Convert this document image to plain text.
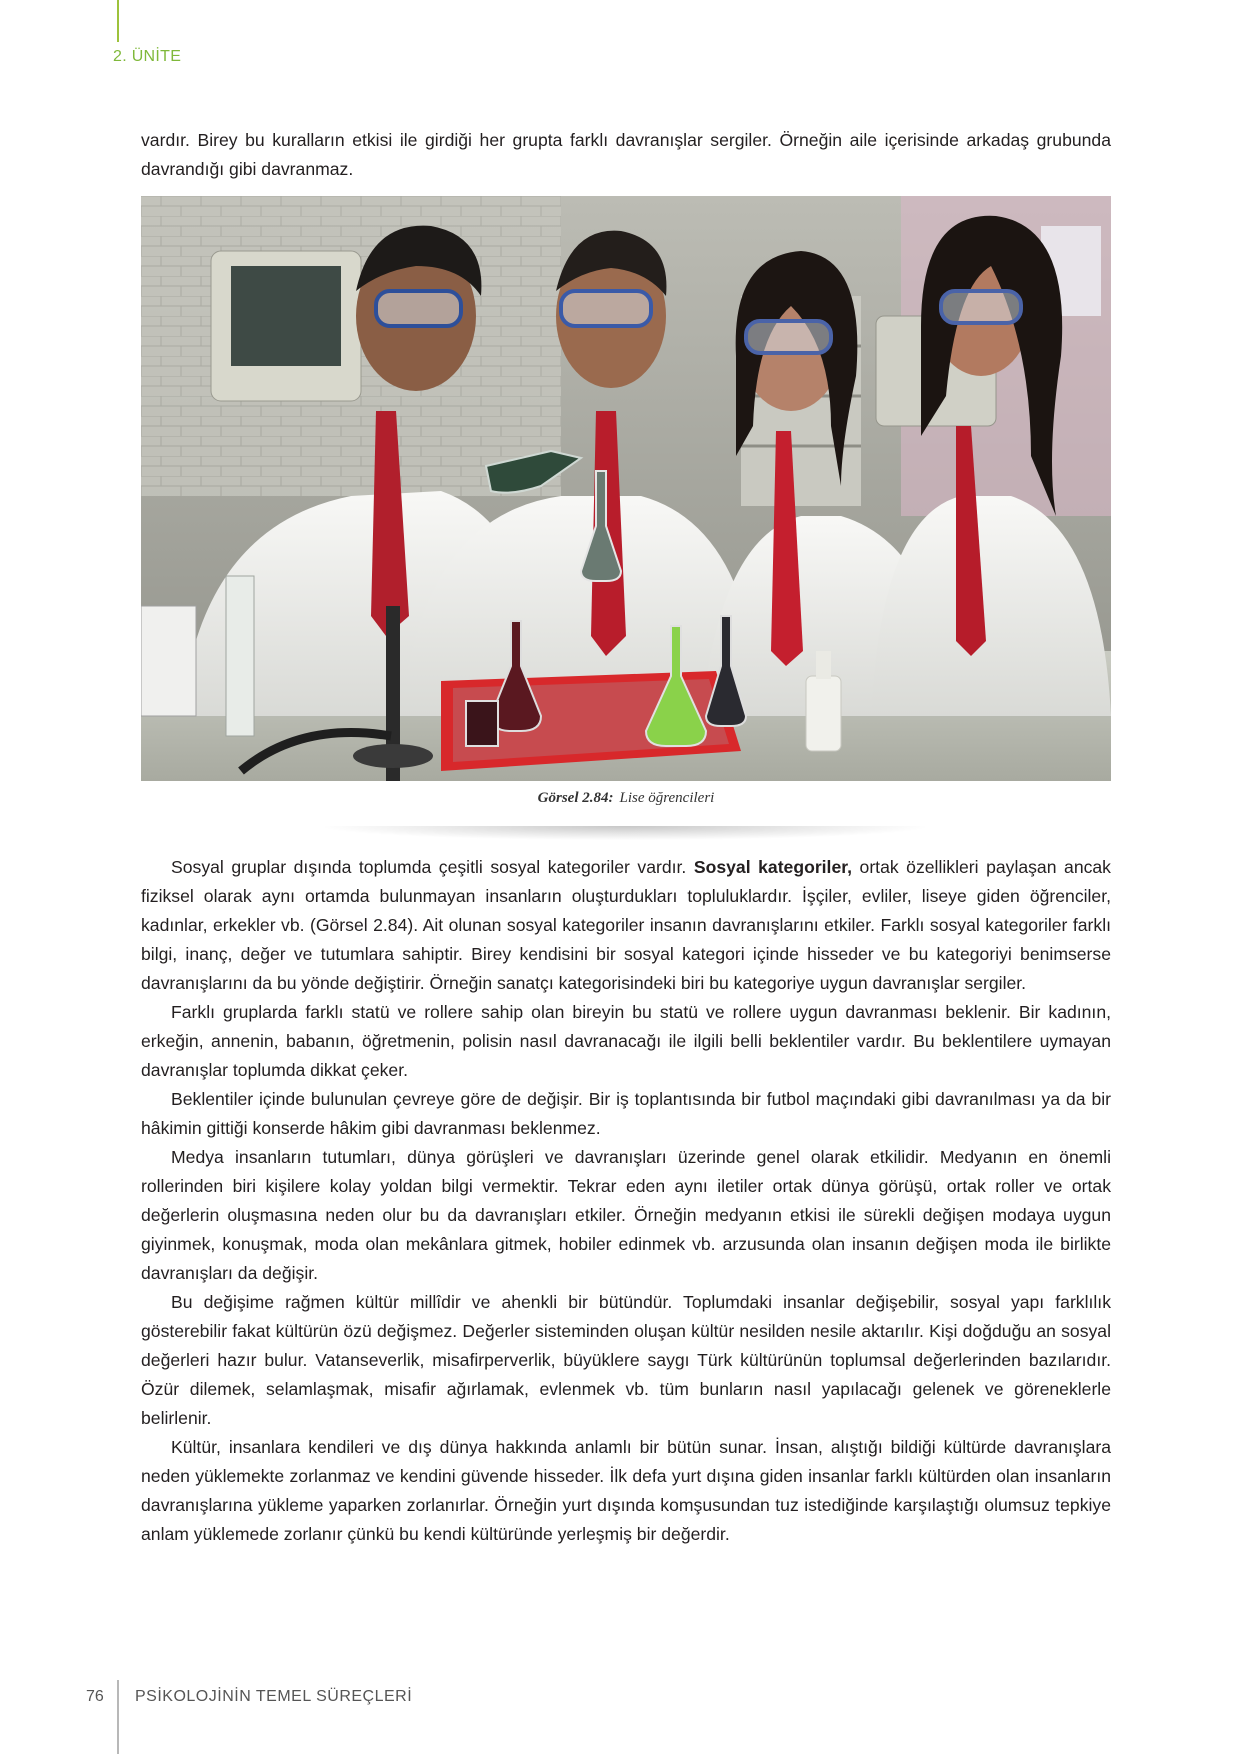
2. ÜNİTE

vardır. Birey bu kuralların etkisi ile girdiği her grupta farklı davranışlar sergiler. Örneğin aile içerisinde arkadaş grubunda davrandığı gibi davranmaz.

Görsel 2.84: Lise öğrencileri

Sosyal gruplar dışında toplumda çeşitli sosyal kategoriler vardır. Sosyal kategoriler, ortak özellikleri paylaşan ancak fiziksel olarak aynı ortamda bulunmayan insanların oluşturdukları topluluklardır. İşçiler, evliler, liseye giden öğrenciler, kadınlar, erkekler vb. (Görsel 2.84). Ait olunan sosyal kategoriler insanın davranışlarını etkiler. Farklı sosyal kategoriler farklı bilgi, inanç, değer ve tutumlara sahiptir. Birey kendisini bir sosyal kategori içinde hisseder ve bu kategoriyi benimserse davranışlarını da bu yönde değiştirir. Örneğin sanatçı kategorisindeki biri bu kategoriye uygun davranışlar sergiler.

Farklı gruplarda farklı statü ve rollere sahip olan bireyin bu statü ve rollere uygun davranması beklenir. Bir kadının, erkeğin, annenin, babanın, öğretmenin, polisin nasıl davranacağı ile ilgili belli beklentiler vardır. Bu beklentilere uymayan davranışlar toplumda dikkat çeker.

Beklentiler içinde bulunulan çevreye göre de değişir. Bir iş toplantısında bir futbol maçındaki gibi davranılması ya da bir hâkimin gittiği konserde hâkim gibi davranması beklenmez.

Medya insanların tutumları, dünya görüşleri ve davranışları üzerinde genel olarak etkilidir. Medyanın en önemli rollerinden biri kişilere kolay yoldan bilgi vermektir. Tekrar eden aynı iletiler ortak dünya görüşü, ortak roller ve ortak değerlerin oluşmasına neden olur bu da davranışları etkiler. Örneğin medyanın etkisi ile sürekli değişen modaya uygun giyinmek, konuşmak, moda olan mekânlara gitmek, hobiler edinmek vb. arzusunda olan insanın değişen moda ile birlikte davranışları da değişir.

Bu değişime rağmen kültür millîdir ve ahenkli bir bütündür. Toplumdaki insanlar değişebilir, sosyal yapı farklılık gösterebilir fakat kültürün özü değişmez. Değerler sisteminden oluşan kültür nesilden nesile aktarılır. Kişi doğduğu an sosyal değerleri hazır bulur. Vatanseverlik, misafirperverlik, büyüklere saygı Türk kültürünün toplumsal değerlerinden bazılarıdır. Özür dilemek, selamlaşmak, misafir ağırlamak, evlenmek vb. tüm bunların nasıl yapılacağı gelenek ve göreneklerle belirlenir.

Kültür, insanlara kendileri ve dış dünya hakkında anlamlı bir bütün sunar. İnsan, alıştığı bildiği kültürde davranışlara neden yüklemekte zorlanmaz ve kendini güvende hisseder. İlk defa yurt dışına giden insanlar farklı kültürden olan insanların davranışlarına yükleme yaparken zorlanırlar. Örneğin yurt dışında komşusundan tuz istediğinde karşılaştığı olumsuz tepkiye anlam yüklemede zorlanır çünkü bu kendi kültüründe yerleşmiş bir değerdir.

76 PSİKOLOJİNİN TEMEL SÜREÇLERİ
